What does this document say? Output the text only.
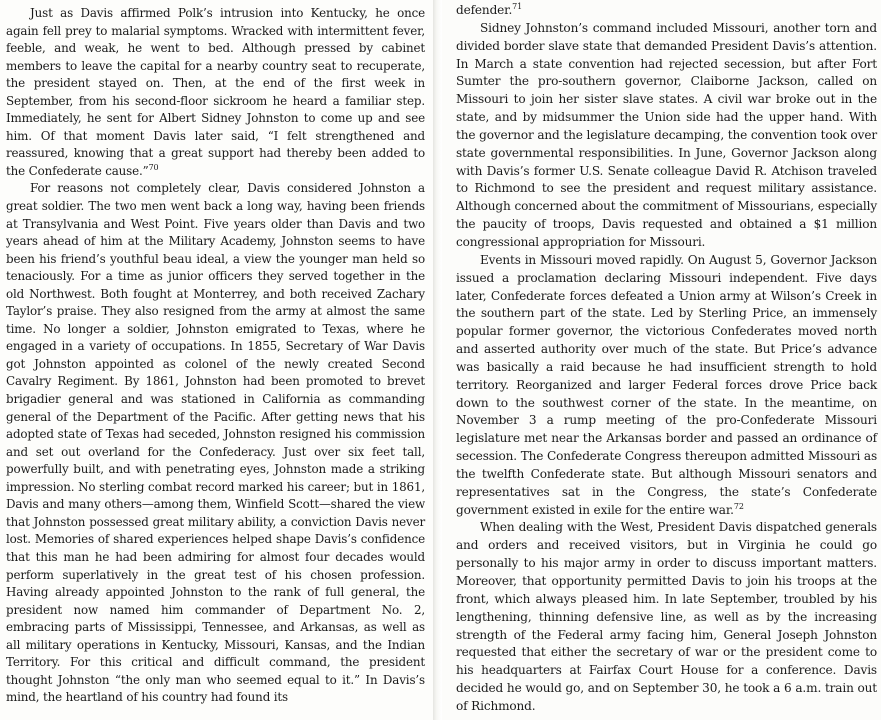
Just as Davis affirmed Polk’s intrusion into Kentucky, he once again fell prey to malarial symptoms. Wracked with intermittent fever, feeble, and weak, he went to bed. Although pressed by cabinet members to leave the capital for a nearby country seat to recuperate, the president stayed on. Then, at the end of the first week in September, from his second-floor sickroom he heard a familiar step. Immediately, he sent for Albert Sidney Johnston to come up and see him. Of that moment Davis later said, “I felt strengthened and reassured, knowing that a great support had thereby been added to the Confederate cause.”$^{70}$

For reasons not completely clear, Davis considered Johnston a great soldier. The two men went back a long way, having been friends at Transylvania and West Point. Five years older than Davis and two years ahead of him at the Military Academy, Johnston seems to have been his friend’s youthful beau ideal, a view the younger man held so tenaciously. For a time as junior officers they served together in the old Northwest. Both fought at Monterrey, and both received Zachary Taylor’s praise. They also resigned from the army at almost the same time. No longer a soldier, Johnston emigrated to Texas, where he engaged in a variety of occupations. In 1855, Secretary of War Davis got Johnston appointed as colonel of the newly created Second Cavalry Regiment. By 1861, Johnston had been promoted to brevet brigadier general and was stationed in California as commanding general of the Department of the Pacific. After getting news that his adopted state of Texas had seceded, Johnston resigned his commission and set out overland for the Confederacy. Just over six feet tall, powerfully built, and with penetrating eyes, Johnston made a striking impression. No sterling combat record marked his career; but in 1861, Davis and many others—among them, Winfield Scott—shared the view that Johnston possessed great military ability, a conviction Davis never lost. Memories of shared experiences helped shape Davis’s confidence that this man he had been admiring for almost four decades would perform superlatively in the great test of his chosen profession. Having already appointed Johnston to the rank of full general, the president now named him commander of Department No. 2, embracing parts of Mississippi, Tennessee, and Arkansas, as well as all military operations in Kentucky, Missouri, Kansas, and the Indian Territory. For this critical and difficult command, the president thought Johnston “the only man who seemed equal to it.” In Davis’s mind, the heartland of his country had found its

defender.$^{71}$

Sidney Johnston’s command included Missouri, another torn and divided border slave state that demanded President Davis’s attention. In March a state convention had rejected secession, but after Fort Sumter the pro-southern governor, Claiborne Jackson, called on Missouri to join her sister slave states. A civil war broke out in the state, and by midsummer the Union side had the upper hand. With the governor and the legislature decamping, the convention took over state governmental responsibilities. In June, Governor Jackson along with Davis’s former U.S. Senate colleague David R. Atchison traveled to Richmond to see the president and request military assistance. Although concerned about the commitment of Missourians, especially the paucity of troops, Davis requested and obtained a $1 million congressional appropriation for Missouri.

Events in Missouri moved rapidly. On August 5, Governor Jackson issued a proclamation declaring Missouri independent. Five days later, Confederate forces defeated a Union army at Wilson’s Creek in the southern part of the state. Led by Sterling Price, an immensely popular former governor, the victorious Confederates moved north and asserted authority over much of the state. But Price’s advance was basically a raid because he had insufficient strength to hold territory. Reorganized and larger Federal forces drove Price back down to the southwest corner of the state. In the meantime, on November 3 a rump meeting of the pro-Confederate Missouri legislature met near the Arkansas border and passed an ordinance of secession. The Confederate Congress thereupon admitted Missouri as the twelfth Confederate state. But although Missouri senators and representatives sat in the Congress, the state’s Confederate government existed in exile for the entire war.$^{72}$

When dealing with the West, President Davis dispatched generals and orders and received visitors, but in Virginia he could go personally to his major army in order to discuss important matters. Moreover, that opportunity permitted Davis to join his troops at the front, which always pleased him. In late September, troubled by his lengthening, thinning defensive line, as well as by the increasing strength of the Federal army facing him, General Joseph Johnston requested that either the secretary of war or the president come to his headquarters at Fairfax Court House for a conference. Davis decided he would go, and on September 30, he took a 6 a.m. train out of Richmond.
